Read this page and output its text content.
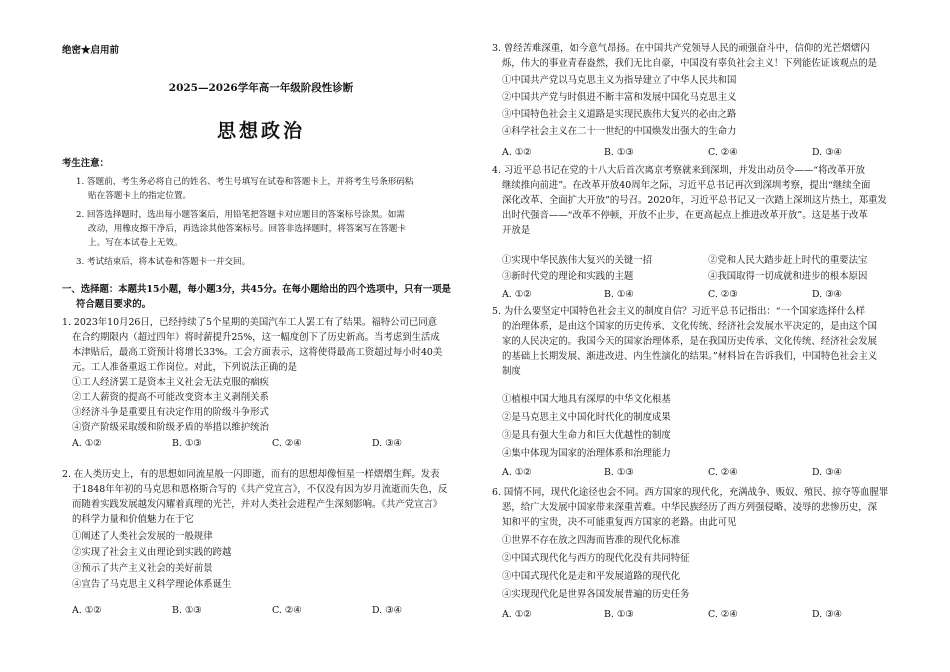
绝密★启用前
2025—2026学年高一年级阶段性诊断
思想政治
考生注意：
1. 答题前，考生务必将自己的姓名、考生号填写在试卷和答题卡上，并将考生号条形码粘
贴在答题卡上的指定位置。
2. 回答选择题时，选出每小题答案后，用铅笔把答题卡对应题目的答案标号涂黑。如需
改动，用橡皮擦干净后，再选涂其他答案标号。回答非选择题时，将答案写在答题卡
上。写在本试卷上无效。
3. 考试结束后，将本试卷和答题卡一并交回。
一、选择题：本题共15小题，每小题3分，共45分。在每小题给出的四个选项中，只有一项是
符合题目要求的。
1. 2023年10月26日，已经持续了5个星期的美国汽车工人罢工有了结果。福特公司已同意
在合约期限内（超过四年）将时薪提升25%，这一幅度创下了历史新高。当考虑到生活成
本津贴后，最高工资预计将增长33%。工会方面表示，这将使得最高工资超过每小时40美
元。工人准备重返工作岗位。对此，下列说法正确的是
①工人经济罢工是资本主义社会无法克服的痼疾
②工人薪资的提高不可能改变资本主义剥削关系
③经济斗争是重要且有决定作用的阶级斗争形式
④资产阶级采取缓和阶级矛盾的举措以维护统治
A. ①②	B. ①③	C. ②④	D. ③④
2. 在人类历史上，有的思想如同流星般一闪即逝，而有的思想却像恒星一样熠熠生辉。发表
于1848年年初的马克思和恩格斯合写的《共产党宣言》，不仅没有因为岁月流逝而失色，反
而随着实践发展越发闪耀着真理的光芒，并对人类社会进程产生深刻影响。《共产党宣言》
的科学力量和价值魅力在于它
①阐述了人类社会发展的一般规律
②实现了社会主义由理论到实践的跨越
③预示了共产主义社会的美好前景
④宣告了马克思主义科学理论体系诞生
A. ①②	B. ①③	C. ②④	D. ③④
3. 曾经苦难深重，如今意气昂扬。在中国共产党领导人民的顽强奋斗中，信仰的光芒熠熠闪
烁，伟大的事业青春盎然，我们无比自豪，中国没有辜负社会主义！下列能佐证该观点的是
①中国共产党以马克思主义为指导建立了中华人民共和国
②中国共产党与时俱进不断丰富和发展中国化马克思主义
③中国特色社会主义道路是实现民族伟大复兴的必由之路
④科学社会主义在二十一世纪的中国焕发出强大的生命力
A. ①②	B. ①③	C. ②④	D. ③④
4. 习近平总书记在党的十八大后首次离京考察就来到深圳，并发出动员令——“将改革开放
继续推向前进”。在改革开放40周年之际，习近平总书记再次到深圳考察，提出“继续全面
深化改革、全面扩大开放”的号召。2020年，习近平总书记又一次踏上深圳这片热土，郑重发
出时代强音——“改革不停顿，开放不止步，在更高起点上推进改革开放”。这是基于改革
开放是
①实现中华民族伟大复兴的关键一招	②党和人民大踏步赶上时代的重要法宝
③新时代党的理论和实践的主题	④我国取得一切成就和进步的根本原因
A. ①②	B. ①④	C. ②③	D. ③④
5. 为什么要坚定中国特色社会主义的制度自信？习近平总书记指出：“一个国家选择什么样
的治理体系，是由这个国家的历史传承、文化传统、经济社会发展水平决定的，是由这个国
家的人民决定的。我国今天的国家治理体系，是在我国历史传承、文化传统、经济社会发展
的基础上长期发展、渐进改进、内生性演化的结果。”材料旨在告诉我们，中国特色社会主义
制度
①植根中国大地具有深厚的中华文化根基
②是马克思主义中国化时代化的制度成果
③是具有强大生命力和巨大优越性的制度
④集中体现为国家的治理体系和治理能力
A. ①②	B. ①③	C. ②④	D. ③④
6. 国情不同，现代化途径也会不同。西方国家的现代化，充满战争、贩奴、殖民、掠夺等血腥罪
恶，给广大发展中国家带来深重苦难。中华民族经历了西方列强侵略、凌辱的悲惨历史，深
知和平的宝贵，决不可能重复西方国家的老路。由此可见
①世界不存在放之四海而皆准的现代化标准
②中国式现代化与西方的现代化没有共同特征
③中国式现代化是走和平发展道路的现代化
④实现现代化是世界各国发展普遍的历史任务
A. ①②	B. ①③	C. ②④	D. ③④
